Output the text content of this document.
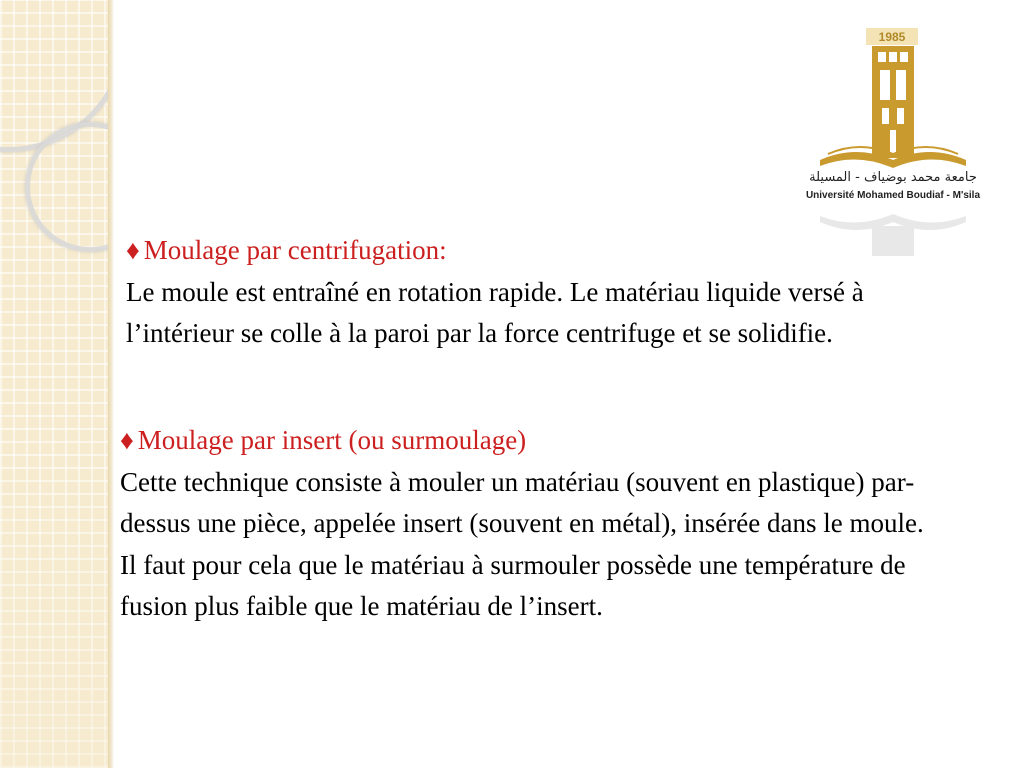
1985
جامعة محمد بوضياف - المسيلة
Université Mohamed Boudiaf - M'sila
♦ Moulage par centrifugation:
Le moule est entraîné en rotation rapide. Le matériau liquide versé à l’intérieur se colle à la paroi par la force centrifuge et se solidifie.
♦ Moulage par insert (ou surmoulage)
Cette technique consiste à mouler un matériau (souvent en plastique) par-dessus une pièce, appelée insert (souvent en métal), insérée dans le moule. Il faut pour cela que le matériau à surmouler possède une température de fusion plus faible que le matériau de l’insert.
